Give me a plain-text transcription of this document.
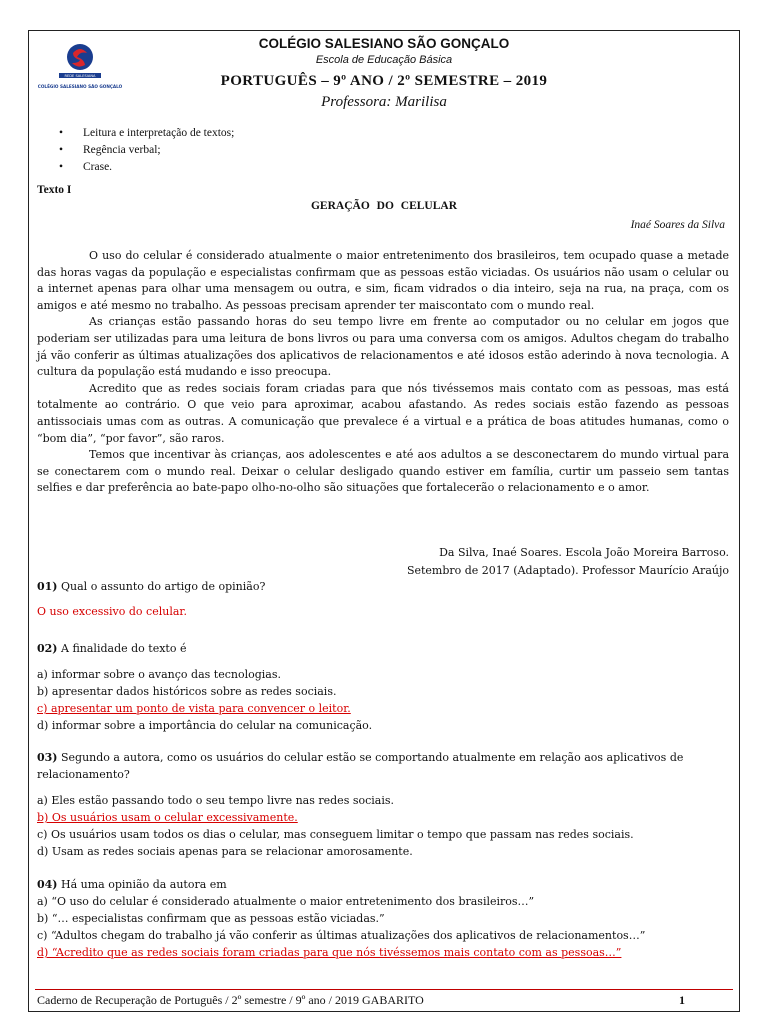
REDE SALESIANA
COLÉGIO SALESIANO SÃO GONÇALO
COLÉGIO SALESIANO SÃO GONÇALO
Escola de Educação Básica
PORTUGUÊS – 9º ANO / 2º SEMESTRE – 2019
Professora: Marilisa
• Leitura e interpretação de textos;
• Regência verbal;
• Crase.
Texto I
GERAÇÃO DO CELULAR
Inaé Soares da Silva

O uso do celular é considerado atualmente o maior entretenimento dos brasileiros, tem ocupado quase a metade das horas vagas da população e especialistas confirmam que as pessoas estão viciadas. Os usuários não usam o celular ou a internet apenas para olhar uma mensagem ou outra, e sim, ficam vidrados o dia inteiro, seja na rua, na praça, com os amigos e até mesmo no trabalho. As pessoas precisam aprender ter maiscontato com o mundo real.

As crianças estão passando horas do seu tempo livre em frente ao computador ou no celular em jogos que poderiam ser utilizadas para uma leitura de bons livros ou para uma conversa com os amigos. Adultos chegam do trabalho já vão conferir as últimas atualizações dos aplicativos de relacionamentos e até idosos estão aderindo à nova tecnologia. A cultura da população está mudando e isso preocupa.

Acredito que as redes sociais foram criadas para que nós tivéssemos mais contato com as pessoas, mas está totalmente ao contrário. O que veio para aproximar, acabou afastando. As redes sociais estão fazendo as pessoas antissociais umas com as outras. A comunicação que prevalece é a virtual e a prática de boas atitudes humanas, como o “bom dia”, “por favor”, são raros.

Temos que incentivar às crianças, aos adolescentes e até aos adultos a se desconectarem do mundo virtual para se conectarem com o mundo real. Deixar o celular desligado quando estiver em família, curtir um passeio sem tantas selfies e dar preferência ao bate-papo olho-no-olho são situações que fortalecerão o relacionamento e o amor.

Da Silva, Inaé Soares. Escola João Moreira Barroso.
Setembro de 2017 (Adaptado). Professor Maurício Araújo
01) Qual o assunto do artigo de opinião?
O uso excessivo do celular.
02) A finalidade do texto é
a) informar sobre o avanço das tecnologias.
b) apresentar dados históricos sobre as redes sociais.
c) apresentar um ponto de vista para convencer o leitor.
d) informar sobre a importância do celular na comunicação.
03) Segundo a autora, como os usuários do celular estão se comportando atualmente em relação aos aplicativos de relacionamento?
a) Eles estão passando todo o seu tempo livre nas redes sociais.
b) Os usuários usam o celular excessivamente.
c) Os usuários usam todos os dias o celular, mas conseguem limitar o tempo que passam nas redes sociais.
d) Usam as redes sociais apenas para se relacionar amorosamente.
04) Há uma opinião da autora em
a) “O uso do celular é considerado atualmente o maior entretenimento dos brasileiros…”
b) “… especialistas confirmam que as pessoas estão viciadas.”
c) “Adultos chegam do trabalho já vão conferir as últimas atualizações dos aplicativos de relacionamentos…”
d) “Acredito que as redes sociais foram criadas para que nós tivéssemos mais contato com as pessoas…”
Caderno de Recuperação de Português / 2º semestre / 9º ano / 2019 GABARITO	1
